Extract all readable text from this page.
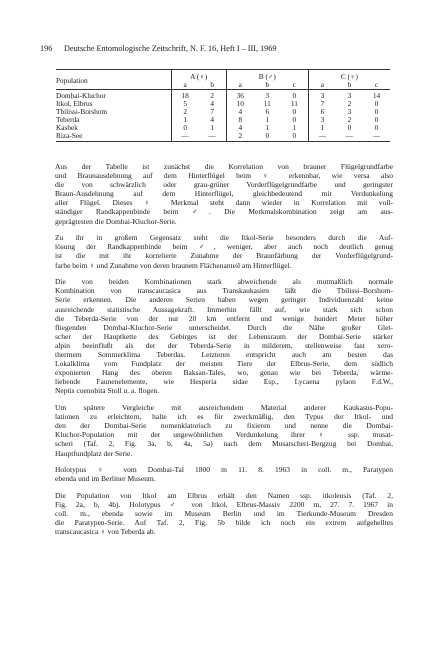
196 Deutsche Entomologische Zeitschrift, N. F. 16, Heft I – III, 1969
Population	A (♀)		B (♂)			C (♀)		
	a	b	a	b	c	a	b	c
Dombai-Kluchor	18	2	36	3	0	3	3	14
Itkol, Elbrus	5	4	10	11	11	7	2	0
Tbilissi-Borshom	2	7	4	6	0	6	3	0
Teberda	1	4	8	1	0	3	2	0
Kasbek	0	1	4	1	1	1	0	0
Riza-See	—	—	2	0	0	—	—	—

Aus der Tabelle ist zunächst die Korrelation von brauner Flügelgrundfarbe
und Braunausdehnung auf dem Hinterflügel beim ♀ erkennbar, wie versa also
die von schwärzlich oder grau-grüner Vorderflügelgrundfarbe und geringster
Braun-Ausdehnung auf dem Hinterflügel, gleichbedeutend mit Verdunkelung
aller Flügel. Dieses ♀ Merkmal steht dann wieder in Korrelation mit voll-
ständiger Randkappenbinde beim ♂. Die Merkmalskombination zeigt am aus-
geprägtesten die Dombai-Kluchor-Serie.

Zu ihr in großem Gegensatz steht die Itkol-Serie besonders durch die Auf-
lösung der Randkappenbinde beim ♂, weniger, aber auch noch deutlich genug
ist die mit ihr korrelierte Zunahme der Braunfärbung der Vorderflügelgrund-
farbe beim ♀ und Zunahme von deren braunem Flächenanteil am Hinterflügel.

Die von beiden Kombinationen stark abweichende als mutmaßlich normale
Kombination von transcaucasica aus Transkaukasien läßt die Tbilissi–Borshom-
Serie erkennen. Die anderen Serien haben wegen geringer Individuenzahl keine
ausreichende statistische Aussagekraft. Immerhin fällt auf, wie stark sich schon
die Teberda-Serie von der nur 20 km entfernt und wenige hundert Meter höher
fliegenden Dombai-Kluchor-Serie unterscheidet. Durch die Nähe großer Glet-
scher der Hauptkette des Gebirges ist der Lebensraum der Dombai-Serie stärker
alpin beeinflußt als der der Teberda-Serie in milderem, stellenweise fast xero-
thermem Sommerklima Teberdas. Letzteren entspricht auch am besten das
Lokalklima vom Fundplatz der meisten Tiere der Elbrus-Serie, dem südlich
exponierten Hang des oberen Baksan-Tales, wo, genau wie bei Teberda, wärme-
liebende Faunenelemente, wie Hesperia sidae Esp., Lycaena pylaon F.d.W.,
Neptis coenobita Stoll u. a. flogen.

Um spätere Vergleiche mit ausreichendem Material anderer Kaukasus-Popu-
lationen zu erleichtern, halte ich es für zweckmäßig, den Typus der Itkol- und
den der Dombai-Serie nomenklatorisch zu fixieren und nenne die Dombai-
Kluchor-Population mit der ungewöhnlichen Verdunkelung ihrer ♀ ssp. musat-
scheri (Taf. 2, Fig. 3a, b, 4a, 5a) nach dem Musatscheri-Bergzug bei Dombai,
Hauptfundplatz der Serie.

Holotypus ♀ vom Dombai-Tal 1800 m 11. 8. 1963 in coll. m., Paratypen
ebenda und im Berliner Museum.

Die Population von Itkol am Elbrus erhält den Namen ssp. itkolensis (Taf. 2,
Fig. 2a, b, 4b). Holotypus ♂ von Itkol, Elbrus-Massiv 2200 m, 27. 7. 1967 in
coll. m., ebenda sowie im Museum Berlin und im Tierkunde-Museum Dresden
die Paratypen-Serie. Auf Taf. 2, Fig. 5b bilde ich noch ein extrem aufgehelltes
transcaucasica ♀ von Teberda ab.
